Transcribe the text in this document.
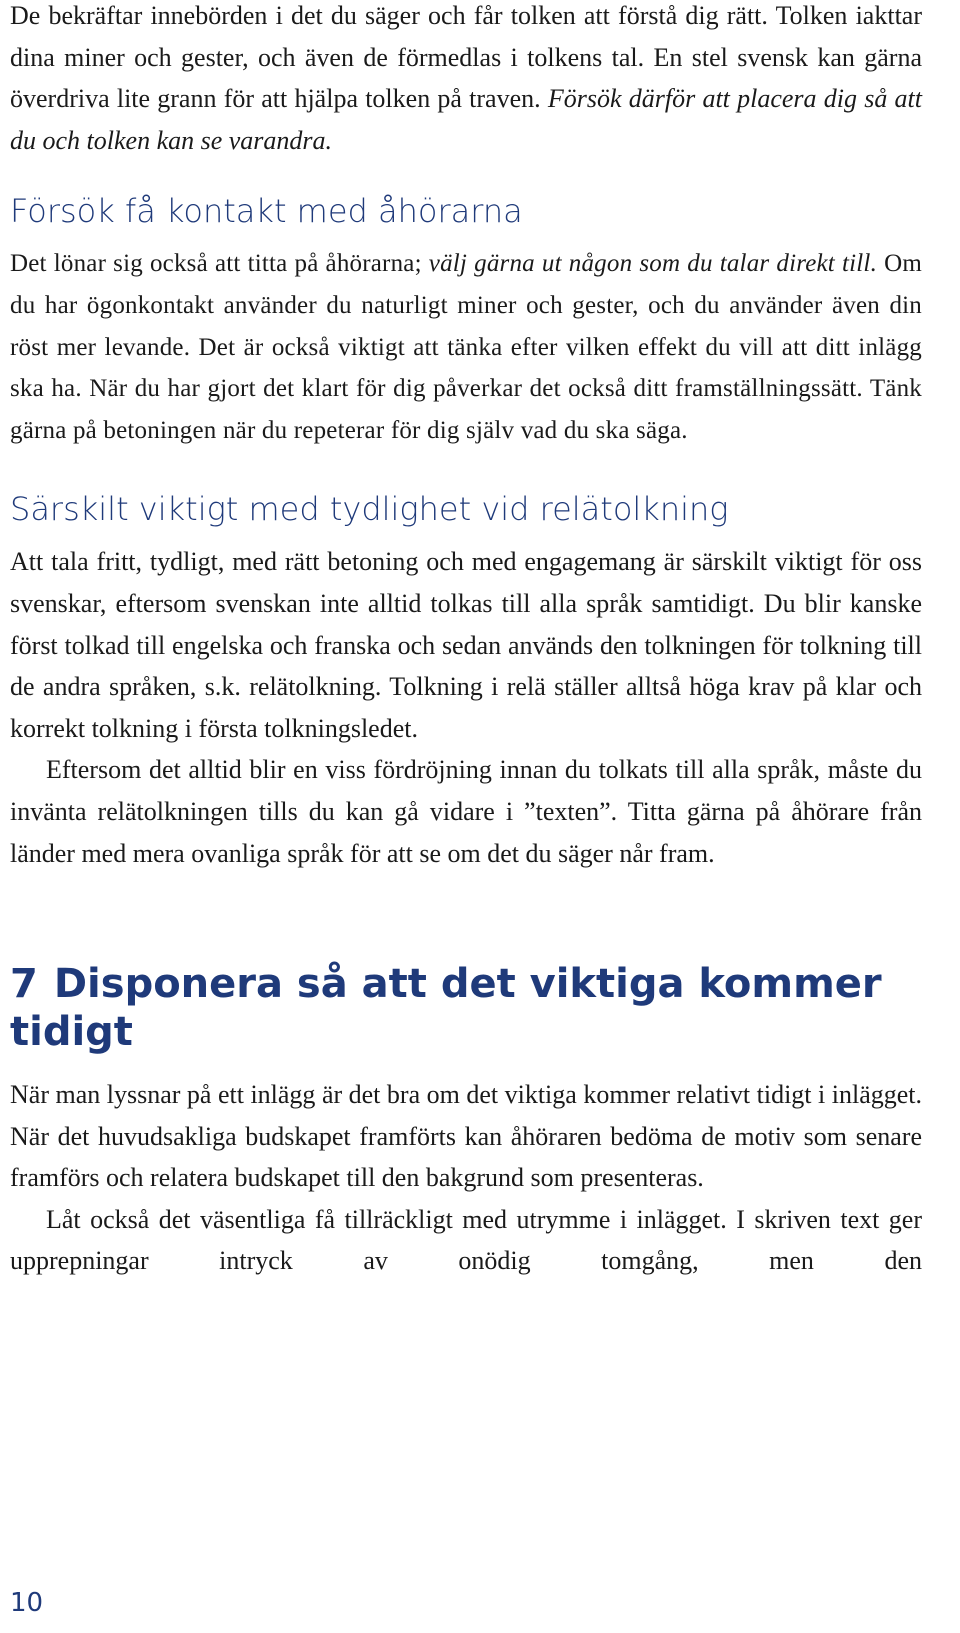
De bekräftar innebörden i det du säger och får tolken att förstå dig rätt. Tolken iakttar dina miner och gester, och även de förmedlas i tolkens tal. En stel svensk kan gärna överdriva lite grann för att hjälpa tolken på traven. Försök därför att placera dig så att du och tolken kan se varandra.

Försök få kontakt med åhörarna

Det lönar sig också att titta på åhörarna; välj gärna ut någon som du talar direkt till. Om du har ögonkontakt använder du naturligt miner och gester, och du använder även din röst mer levande. Det är också viktigt att tänka efter vilken effekt du vill att ditt inlägg ska ha. När du har gjort det klart för dig påverkar det också ditt framställningssätt. Tänk gärna på betoningen när du repeterar för dig själv vad du ska säga.

Särskilt viktigt med tydlighet vid relätolkning

Att tala fritt, tydligt, med rätt betoning och med engagemang är särskilt viktigt för oss svenskar, eftersom svenskan inte alltid tolkas till alla språk samtidigt. Du blir kanske först tolkad till engelska och franska och sedan används den tolkningen för tolkning till de andra språken, s.k. relätolkning. Tolkning i relä ställer alltså höga krav på klar och korrekt tolkning i första tolkningsledet.

Eftersom det alltid blir en viss fördröjning innan du tolkats till alla språk, måste du invänta relätolkningen tills du kan gå vidare i ”texten”. Titta gärna på åhörare från länder med mera ovanliga språk för att se om det du säger når fram.

7 Disponera så att det viktiga kommer tidigt

När man lyssnar på ett inlägg är det bra om det viktiga kommer relativt tidigt i inlägget. När det huvudsakliga budskapet framförts kan åhöraren bedöma de motiv som senare framförs och relatera budskapet till den bakgrund som presenteras.

Låt också det väsentliga få tillräckligt med utrymme i inlägget. I skriven text ger upprepningar intryck av onödig tomgång, men den

10
